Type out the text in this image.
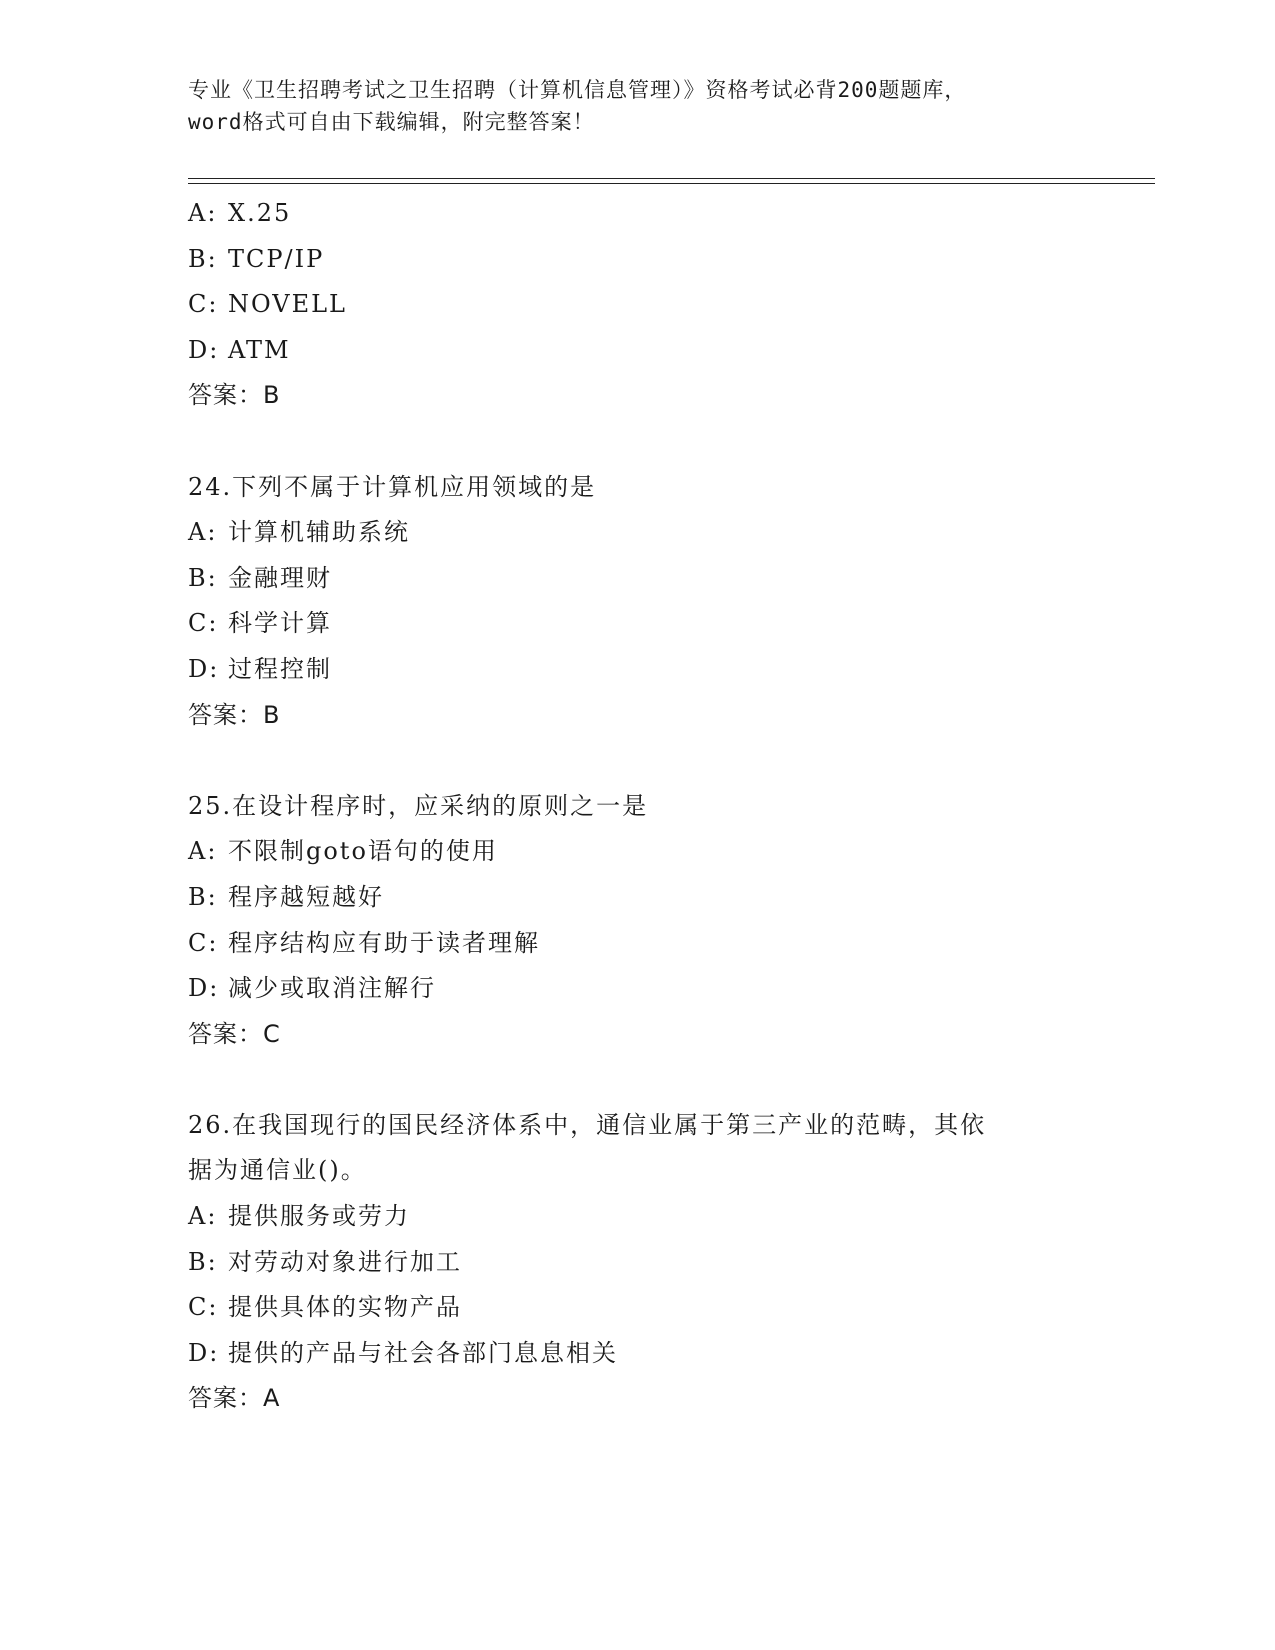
专业《卫生招聘考试之卫生招聘（计算机信息管理）》资格考试必背200题题库，
word格式可自由下载编辑，附完整答案！
A: X.25
B: TCP/IP
C: NOVELL
D: ATM
答案：B
24.下列不属于计算机应用领域的是
A: 计算机辅助系统
B: 金融理财
C: 科学计算
D: 过程控制
答案：B
25.在设计程序时，应采纳的原则之一是
A: 不限制goto语句的使用
B: 程序越短越好
C: 程序结构应有助于读者理解
D: 减少或取消注解行
答案：C
26.在我国现行的国民经济体系中，通信业属于第三产业的范畴，其依
据为通信业()。
A: 提供服务或劳力
B: 对劳动对象进行加工
C: 提供具体的实物产品
D: 提供的产品与社会各部门息息相关
答案：A
